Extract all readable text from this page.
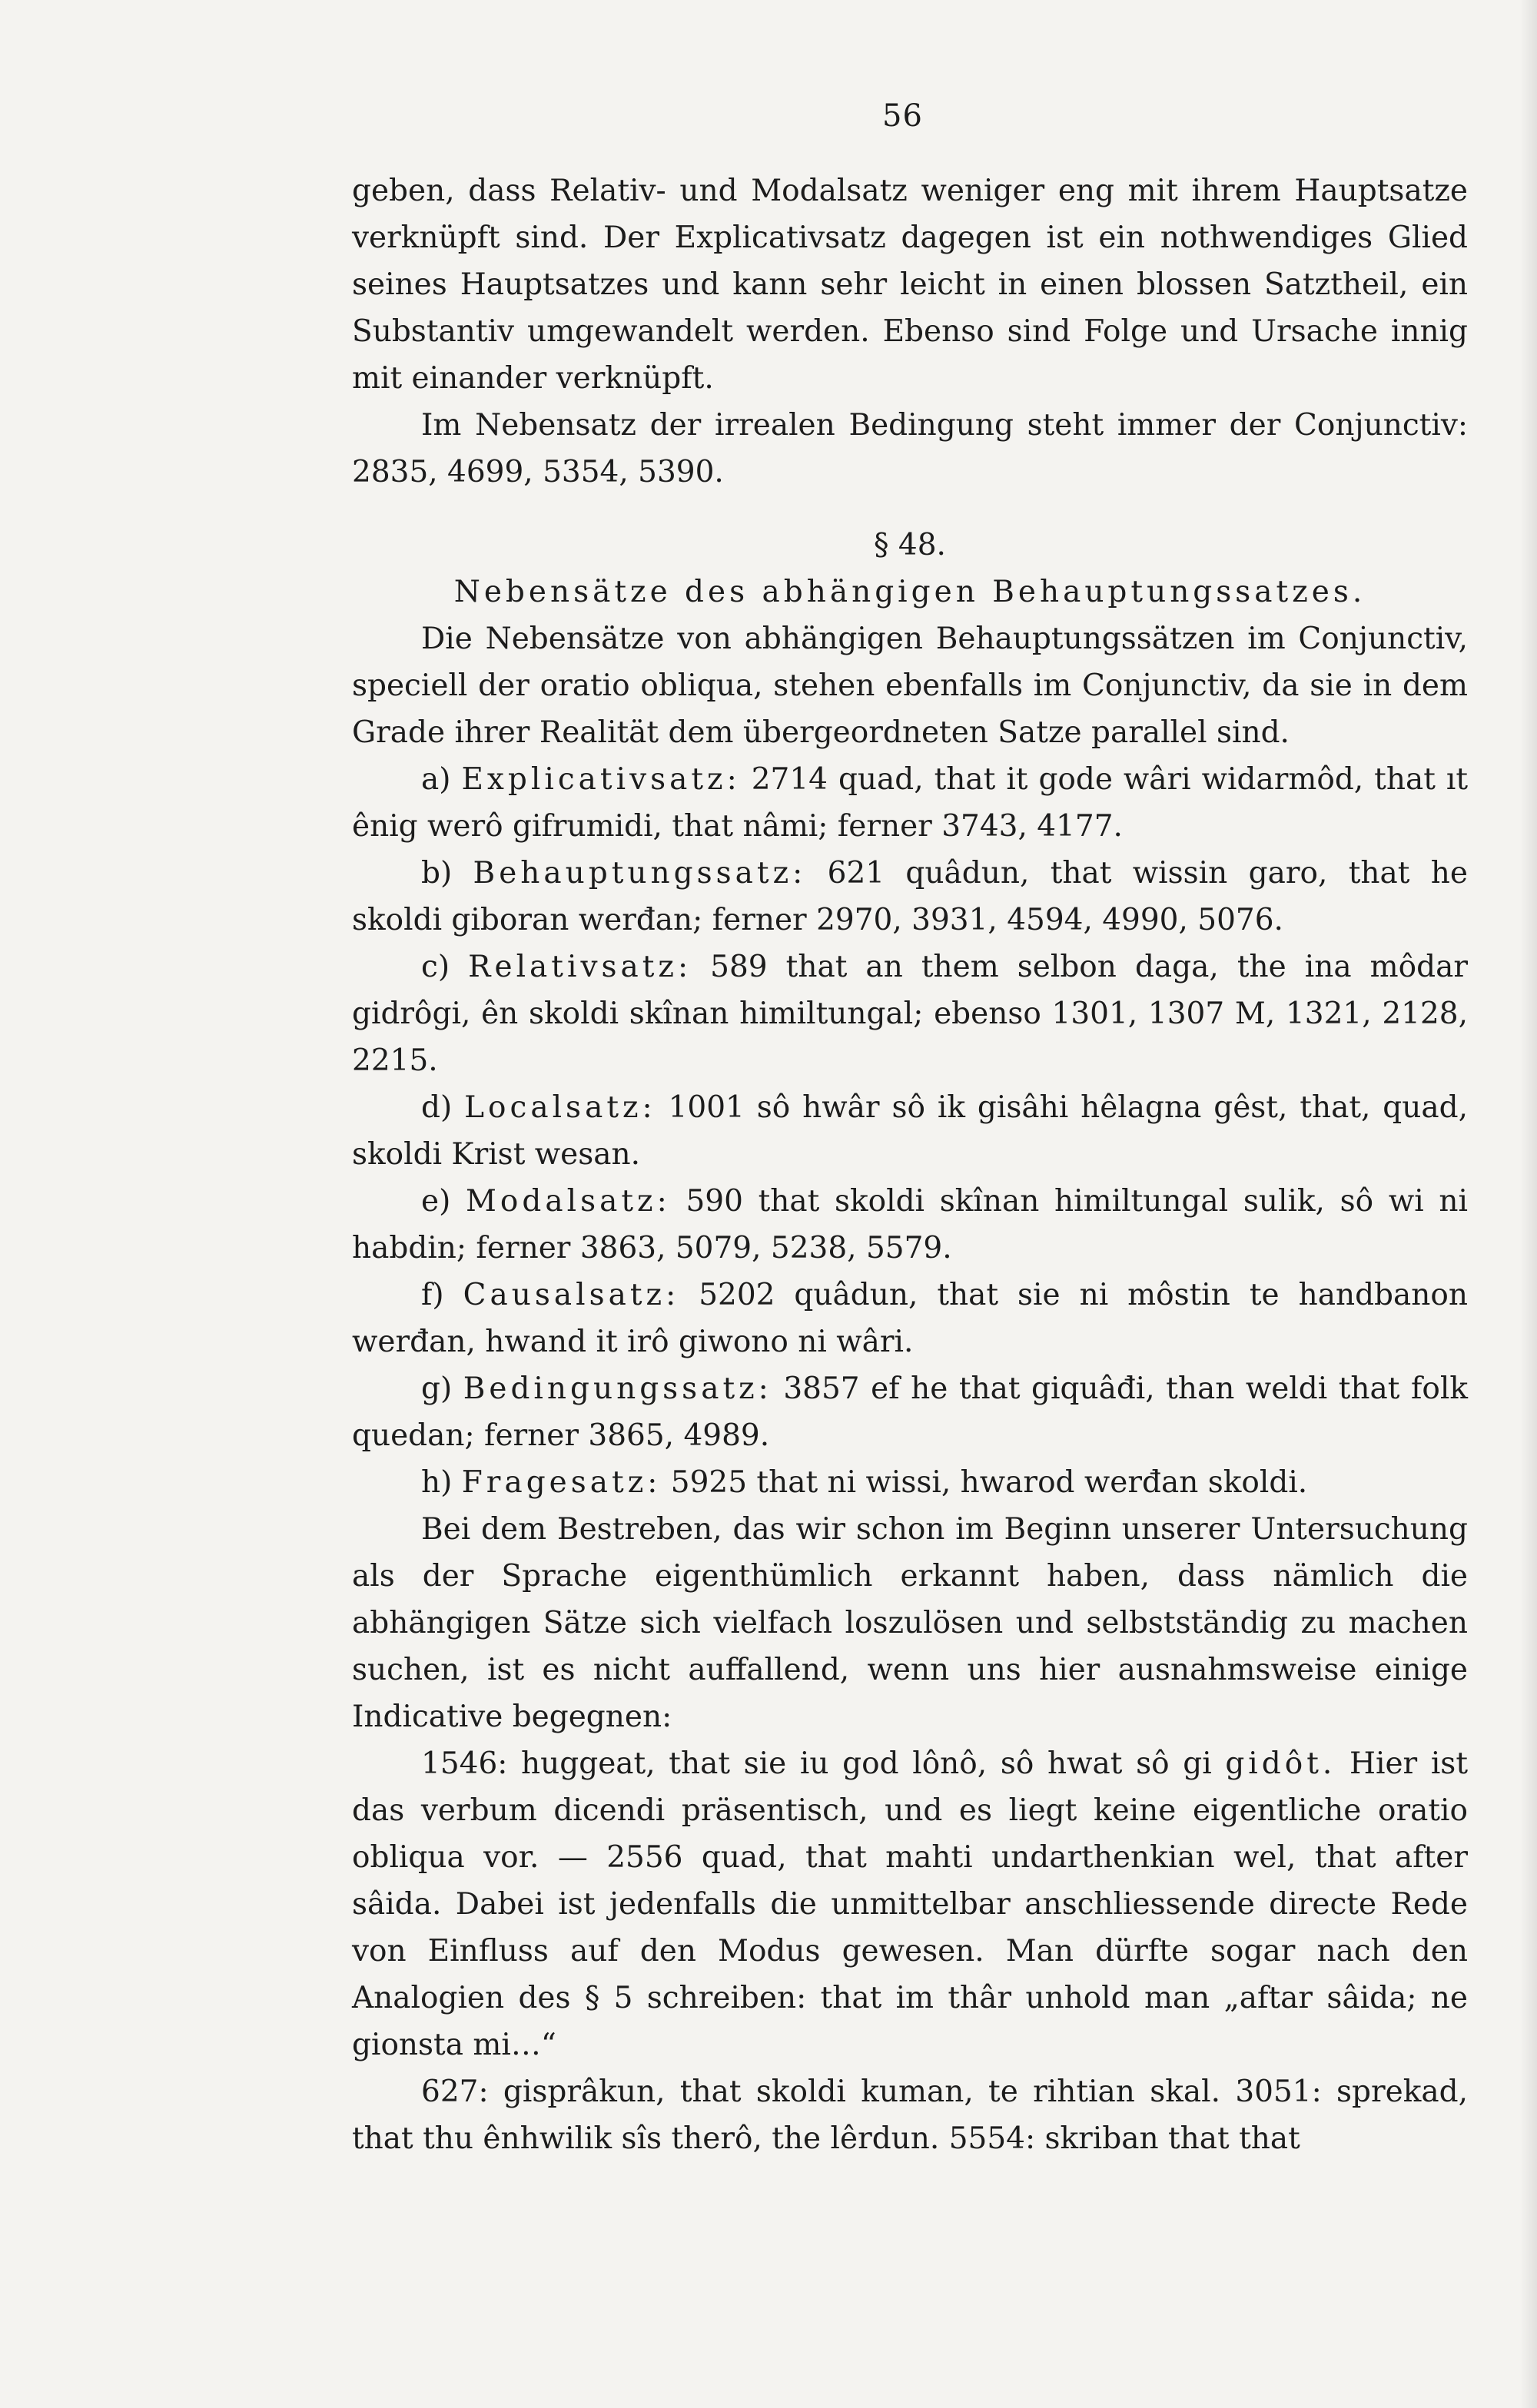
56

geben, dass Relativ- und Modalsatz weniger eng mit ihrem Hauptsatze verknüpft sind. Der Explicativsatz dagegen ist ein nothwendiges Glied seines Hauptsatzes und kann sehr leicht in einen blossen Satztheil, ein Substantiv umgewandelt werden. Ebenso sind Folge und Ursache innig mit einander verknüpft.

Im Nebensatz der irrealen Bedingung steht immer der Conjunctiv: 2835, 4699, 5354, 5390.

§ 48.

Nebensätze des abhängigen Behauptungssatzes.

Die Nebensätze von abhängigen Behauptungssätzen im Conjunctiv, speciell der oratio obliqua, stehen ebenfalls im Conjunctiv, da sie in dem Grade ihrer Realität dem übergeordneten Satze parallel sind.

a) Explicativsatz: 2714 quad, that it gode wâri widarmôd, that ıt ênig werô gifrumidi, that nâmi; ferner 3743, 4177.

b) Behauptungssatz: 621 quâdun, that wissin garo, that he skoldi giboran werđan; ferner 2970, 3931, 4594, 4990, 5076.

c) Relativsatz: 589 that an them selbon daga, the ina môdar gidrôgi, ên skoldi skînan himiltungal; ebenso 1301, 1307 M, 1321, 2128, 2215.

d) Localsatz: 1001 sô hwâr sô ik gisâhi hêlagna gêst, that, quad, skoldi Krist wesan.

e) Modalsatz: 590 that skoldi skînan himiltungal sulik, sô wi ni habdin; ferner 3863, 5079, 5238, 5579.

f) Causalsatz: 5202 quâdun, that sie ni môstin te handbanon werđan, hwand it irô giwono ni wâri.

g) Bedingungssatz: 3857 ef he that giquâđi, than weldi that folk quedan; ferner 3865, 4989.

h) Fragesatz: 5925 that ni wissi, hwarod werđan skoldi.

Bei dem Bestreben, das wir schon im Beginn unserer Untersuchung als der Sprache eigenthümlich erkannt haben, dass nämlich die abhängigen Sätze sich vielfach loszulösen und selbstständig zu machen suchen, ist es nicht auffallend, wenn uns hier ausnahmsweise einige Indicative begegnen:

1546: huggeat, that sie iu god lônô, sô hwat sô gi gidôt. Hier ist das verbum dicendi präsentisch, und es liegt keine eigentliche oratio obliqua vor. — 2556 quad, that mahti undarthenkian wel, that after sâida. Dabei ist jedenfalls die unmittelbar anschliessende directe Rede von Einfluss auf den Modus gewesen. Man dürfte sogar nach den Analogien des § 5 schreiben: that im thâr unhold man „aftar sâida; ne gionsta mi…“

627: gisprâkun, that skoldi kuman, te rihtian skal. 3051: sprekad, that thu ênhwilik sîs therô, the lêrdun. 5554: skriban that that
